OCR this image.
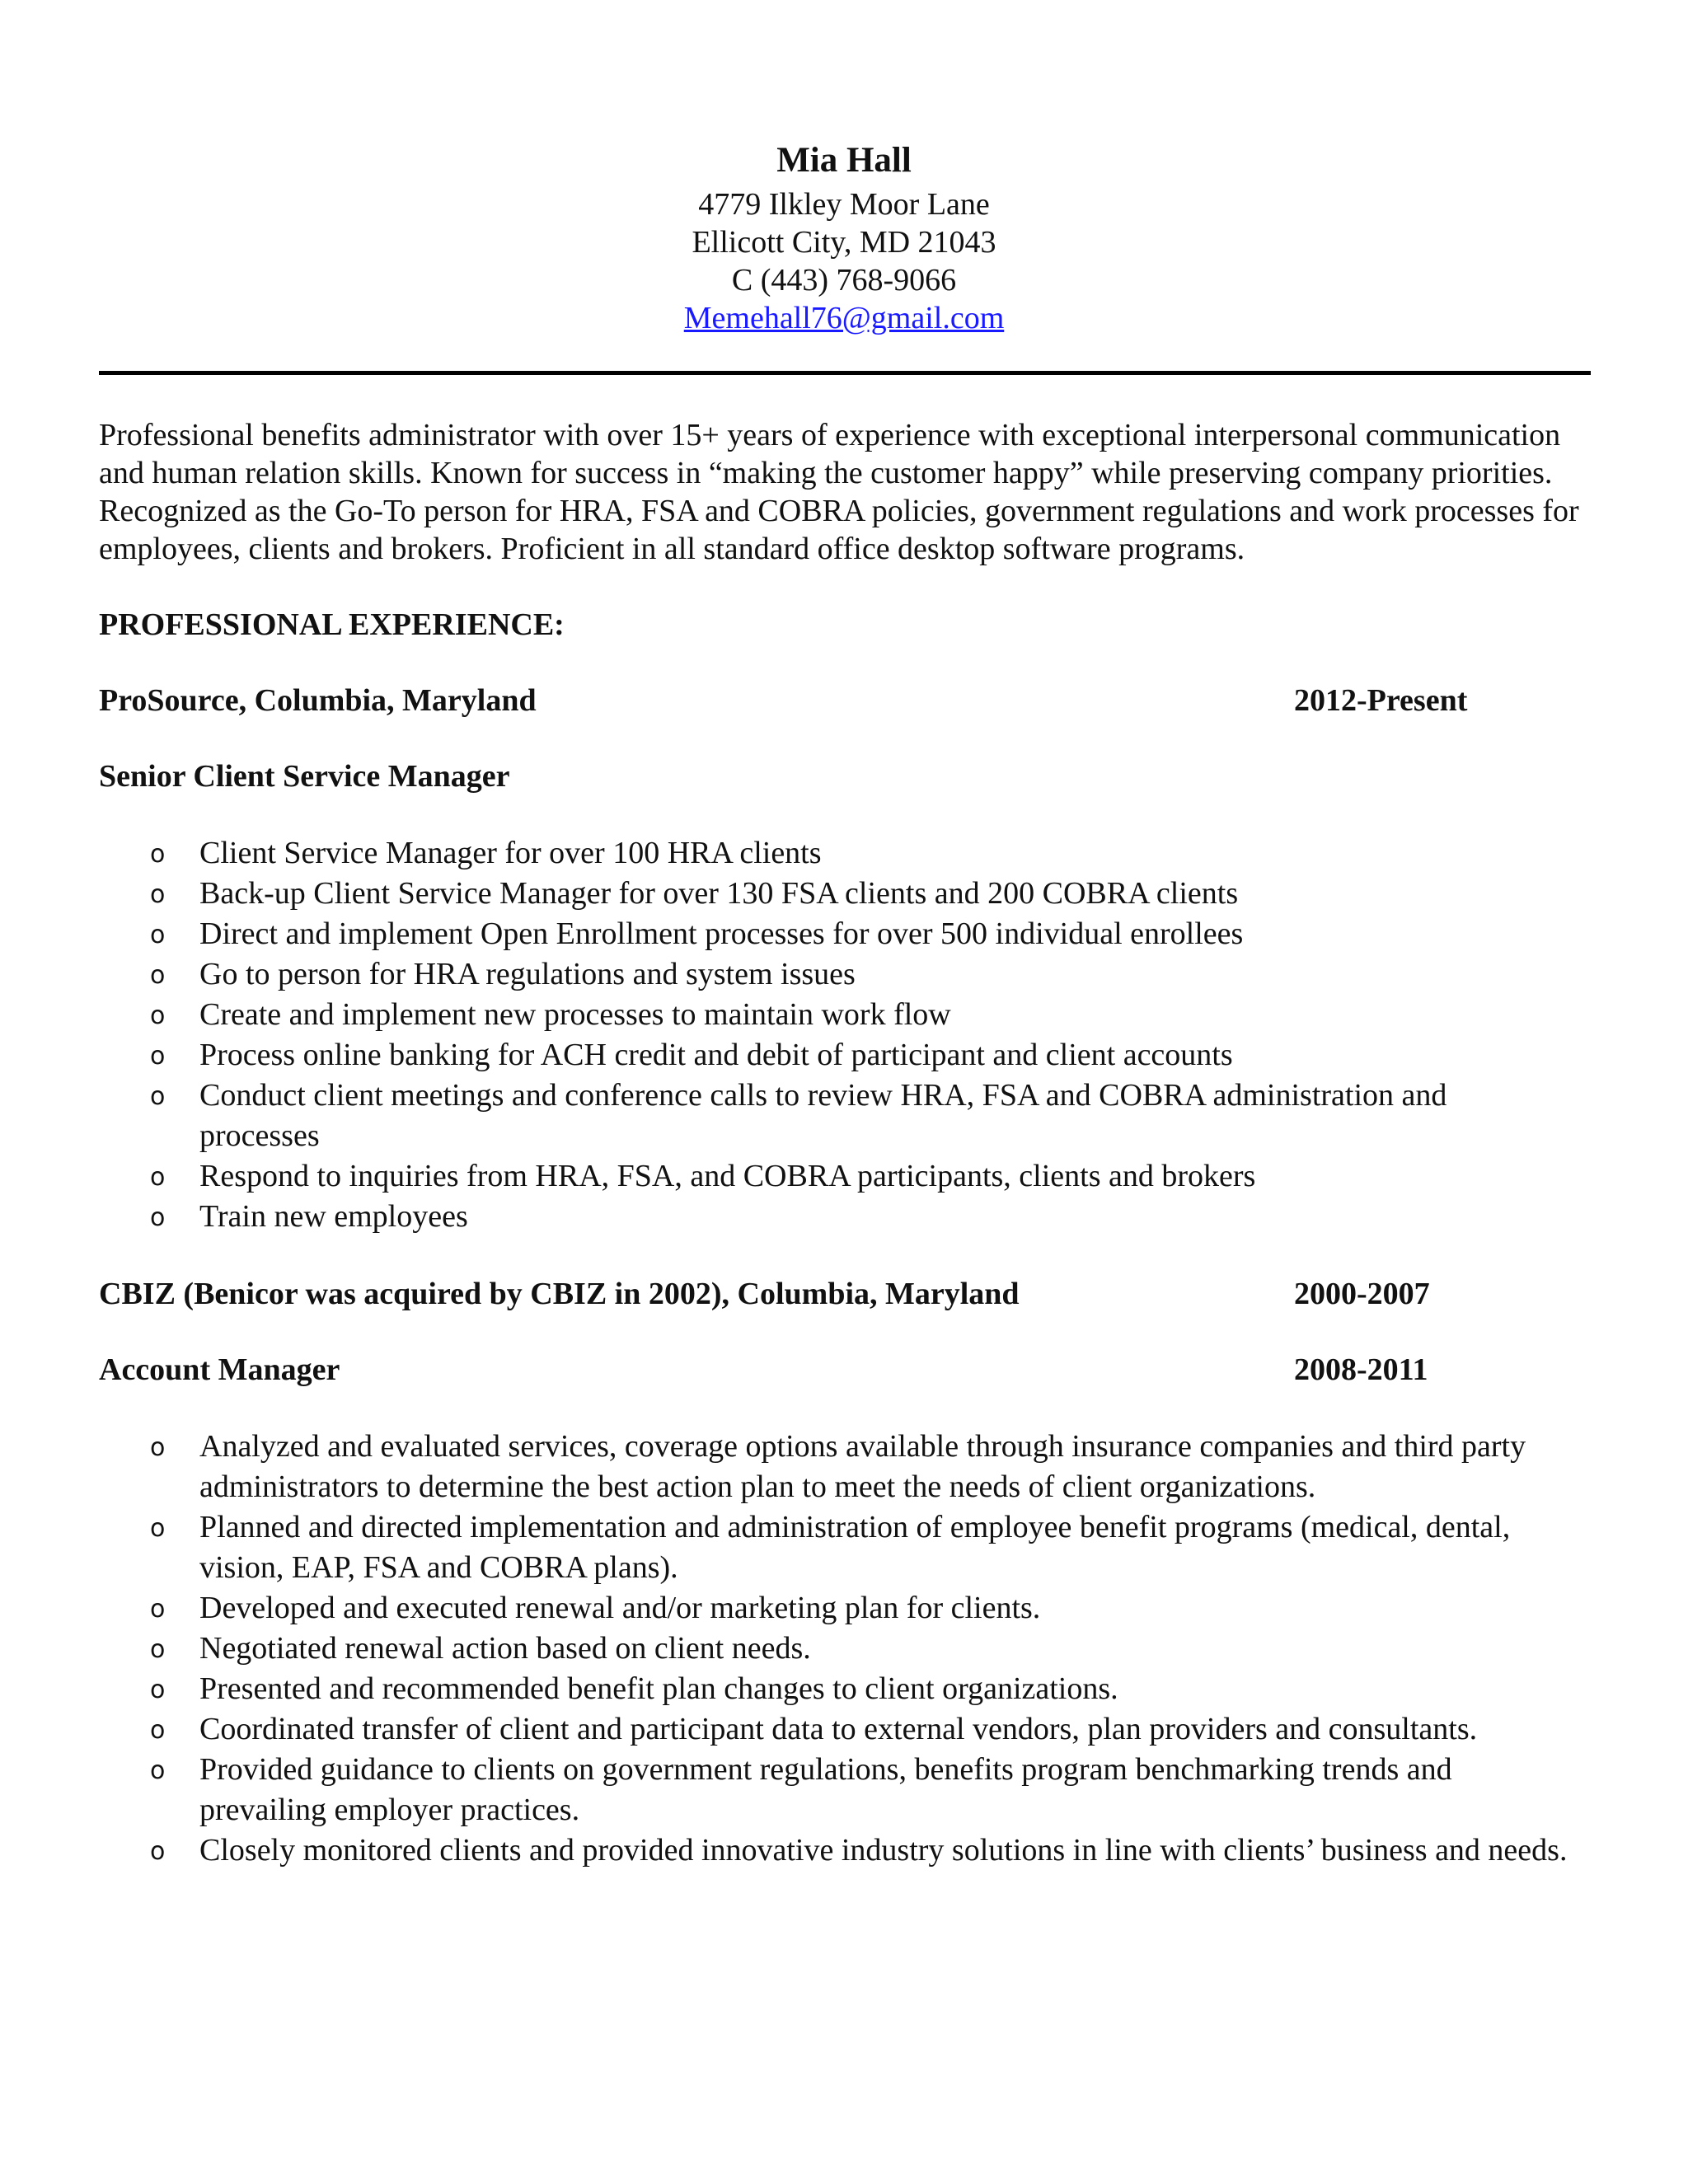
Mia Hall

4779 Ilkley Moor Lane

Ellicott City, MD 21043

C (443) 768-9066

Memehall76@gmail.com

Professional benefits administrator with over 15+ years of experience with exceptional interpersonal communication and human relation skills. Known for success in “making the customer happy” while preserving company priorities. Recognized as the Go-To person for HRA, FSA and COBRA policies, government regulations and work processes for employees, clients and brokers. Proficient in all standard office desktop software programs.

PROFESSIONAL EXPERIENCE:

ProSource, Columbia, Maryland	2012-Present
Senior Client Service Manager
o Client Service Manager for over 100 HRA clients
o Back-up Client Service Manager for over 130 FSA clients and 200 COBRA clients
o Direct and implement Open Enrollment processes for over 500 individual enrollees
o Go to person for HRA regulations and system issues
o Create and implement new processes to maintain work flow
o Process online banking for ACH credit and debit of participant and client accounts
o Conduct client meetings and conference calls to review HRA, FSA and COBRA administration and processes
o Respond to inquiries from HRA, FSA, and COBRA participants, clients and brokers
o Train new employees
CBIZ (Benicor was acquired by CBIZ in 2002), Columbia, Maryland	2000-2007
Account Manager	2008-2011
o Analyzed and evaluated services, coverage options available through insurance companies and third party administrators to determine the best action plan to meet the needs of client organizations.
o Planned and directed implementation and administration of employee benefit programs (medical, dental, vision, EAP, FSA and COBRA plans).
o Developed and executed renewal and/or marketing plan for clients.
o Negotiated renewal action based on client needs.
o Presented and recommended benefit plan changes to client organizations.
o Coordinated transfer of client and participant data to external vendors, plan providers and consultants.
o Provided guidance to clients on government regulations, benefits program benchmarking trends and prevailing employer practices.
o Closely monitored clients and provided innovative industry solutions in line with clients’ business and needs.
